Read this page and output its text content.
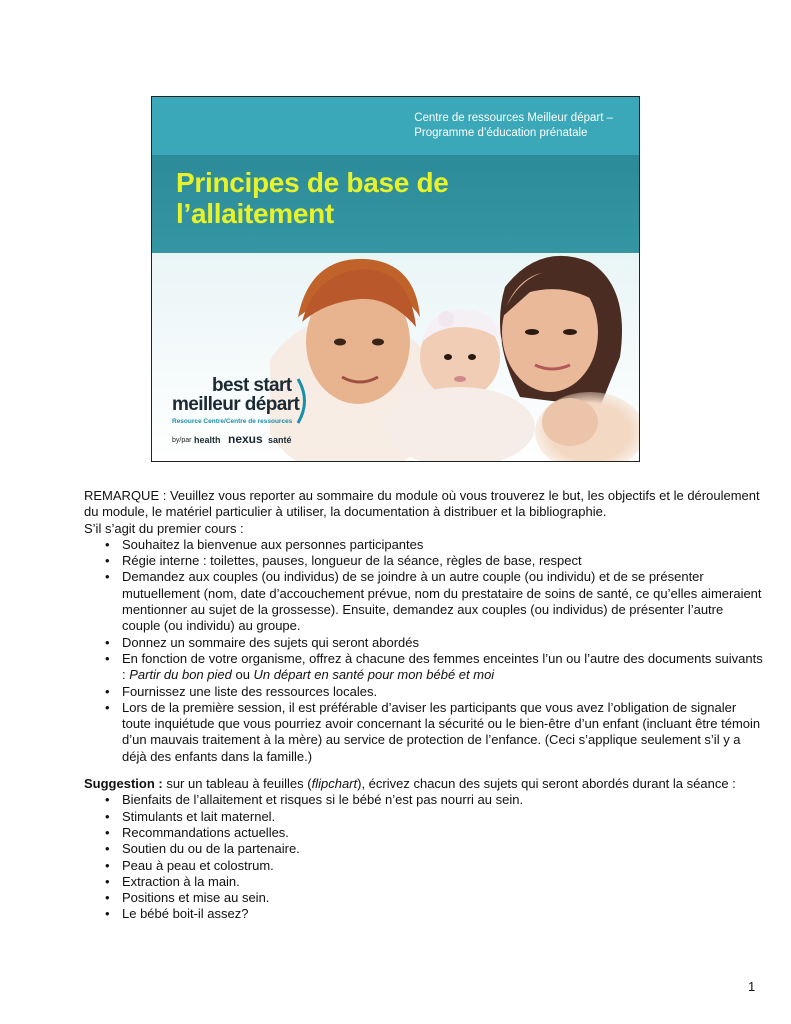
Centre de ressources Meilleur départ –
Programme d’éducation prénatale
Principes de base de
l’allaitement
best start
meilleur départ
Resource Centre/Centre de ressources
by/par health nexus santé

REMARQUE : Veuillez vous reporter au sommaire du module où vous trouverez le but, les objectifs et le déroulement du module, le matériel particulier à utiliser, la documentation à distribuer et la bibliographie.

S’il s’agit du premier cours :

• Souhaitez la bienvenue aux personnes participantes
• Régie interne : toilettes, pauses, longueur de la séance, règles de base, respect
• Demandez aux couples (ou individus) de se joindre à un autre couple (ou individu) et de se présenter mutuellement (nom, date d’accouchement prévue, nom du prestataire de soins de santé, ce qu’elles aimeraient mentionner au sujet de la grossesse). Ensuite, demandez aux couples (ou individus) de présenter l’autre couple (ou individu) au groupe.
• Donnez un sommaire des sujets qui seront abordés
• En fonction de votre organisme, offrez à chacune des femmes enceintes l’un ou l’autre des documents suivants : Partir du bon pied ou Un départ en santé pour mon bébé et moi
• Fournissez une liste des ressources locales.
• Lors de la première session, il est préférable d’aviser les participants que vous avez l’obligation de signaler toute inquiétude que vous pourriez avoir concernant la sécurité ou le bien-être d’un enfant (incluant être témoin d’un mauvais traitement à la mère) au service de protection de l’enfance. (Ceci s’applique seulement s’il y a déjà des enfants dans la famille.)

Suggestion : sur un tableau à feuilles (flipchart), écrivez chacun des sujets qui seront abordés durant la séance :

• Bienfaits de l’allaitement et risques si le bébé n’est pas nourri au sein.
• Stimulants et lait maternel.
• Recommandations actuelles.
• Soutien du ou de la partenaire.
• Peau à peau et colostrum.
• Extraction à la main.
• Positions et mise au sein.
• Le bébé boit-il assez?
1
